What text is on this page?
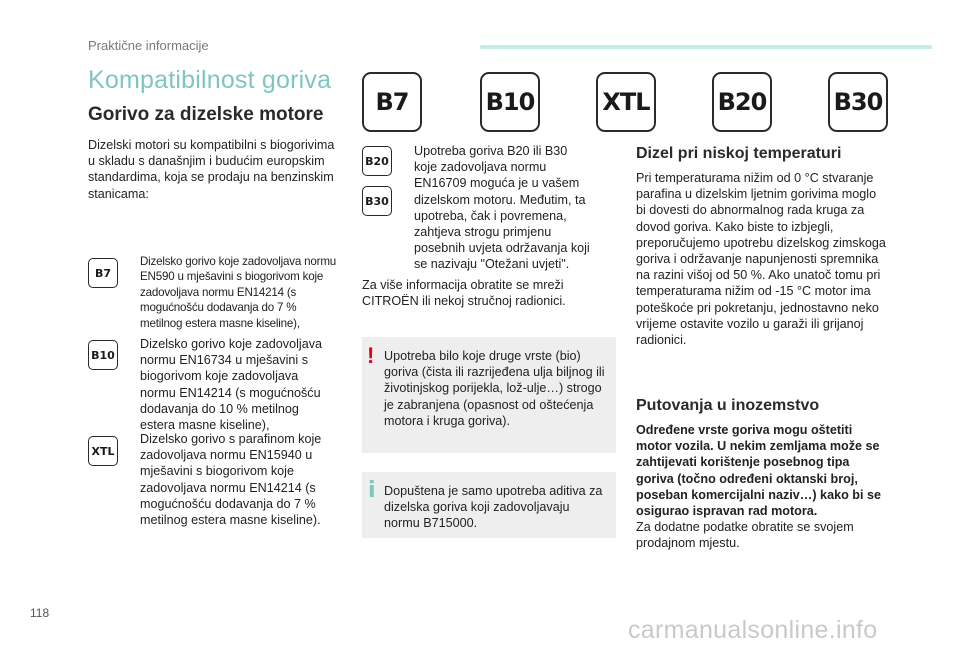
Praktične informacije
Kompatibilnost goriva
Gorivo za dizelske motore
Dizelski motori su kompatibilni s biogorivima u skladu s današnjim i budućim europskim standardima, koja se prodaju na benzinskim stanicama:
B7	B10	XTL	B20	B30
B7
Dizelsko gorivo koje zadovoljava normu EN590 u mješavini s biogorivom koje zadovoljava normu EN14214 (s mogućnošću dodavanja do 7 % metilnog estera masne kiseline),
B10
Dizelsko gorivo koje zadovoljava normu EN16734 u mješavini s biogorivom koje zadovoljava normu EN14214 (s mogućnošću dodavanja do 10 % metilnog estera masne kiseline),
XTL
Dizelsko gorivo s parafinom koje zadovoljava normu EN15940 u mješavini s biogorivom koje zadovoljava normu EN14214 (s mogućnošću dodavanja do 7 % metilnog estera masne kiseline).
B20
B30
Upotreba goriva B20 ili B30 koje zadovoljava normu EN16709 moguća je u vašem dizelskom motoru. Međutim, ta upotreba, čak i povremena, zahtjeva strogu primjenu posebnih uvjeta održavanja koji se nazivaju "Otežani uvjeti".
Za više informacija obratite se mreži CITROËN ili nekoj stručnoj radionici.
! Upotreba bilo koje druge vrste (bio) goriva (čista ili razrijeđena ulja biljnog ili životinjskog porijekla, lož-ulje…) strogo je zabranjena (opasnost od oštećenja motora i kruga goriva).
i Dopuštena je samo upotreba aditiva za dizelska goriva koji zadovoljavaju normu B715000.
Dizel pri niskoj temperaturi
Pri temperaturama nižim od 0 °C stvaranje parafina u dizelskim ljetnim gorivima moglo bi dovesti do abnormalnog rada kruga za dovod goriva. Kako biste to izbjegli, preporučujemo upotrebu dizelskog zimskoga goriva i održavanje napunjenosti spremnika na razini višoj od 50 %. Ako unatoč tomu pri temperaturama nižim od -15 °C motor ima poteškoće pri pokretanju, jednostavno neko vrijeme ostavite vozilo u garaži ili grijanoj radionici.
Putovanja u inozemstvo
Određene vrste goriva mogu oštetiti motor vozila. U nekim zemljama može se zahtijevati korištenje posebnog tipa goriva (točno određeni oktanski broj, poseban komercijalni naziv…) kako bi se osigurao ispravan rad motora.
Za dodatne podatke obratite se svojem prodajnom mjestu.
118
carmanualsonline.info
